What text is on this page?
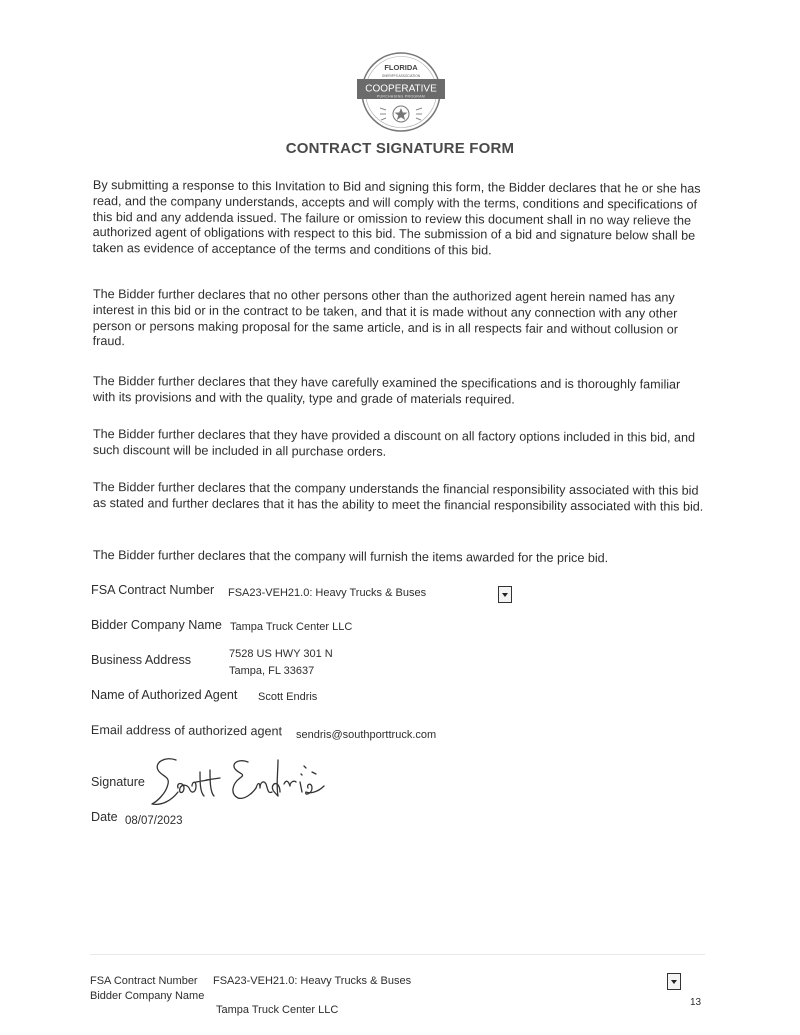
FLORIDA
SHERIFFS ASSOCIATION
COOPERATIVE
PURCHASING PROGRAM
CONTRACT SIGNATURE FORM
By submitting a response to this Invitation to Bid and signing this form, the Bidder declares that he or she has read, and the company understands, accepts and will comply with the terms, conditions and specifications of this bid and any addenda issued. The failure or omission to review this document shall in no way relieve the authorized agent of obligations with respect to this bid. The submission of a bid and signature below shall be taken as evidence of acceptance of the terms and conditions of this bid.
The Bidder further declares that no other persons other than the authorized agent herein named has any interest in this bid or in the contract to be taken, and that it is made without any connection with any other person or persons making proposal for the same article, and is in all respects fair and without collusion or fraud.
The Bidder further declares that they have carefully examined the specifications and is thoroughly familiar with its provisions and with the quality, type and grade of materials required.
The Bidder further declares that they have provided a discount on all factory options included in this bid, and such discount will be included in all purchase orders.
The Bidder further declares that the company understands the financial responsibility associated with this bid as stated and further declares that it has the ability to meet the financial responsibility associated with this bid.
The Bidder further declares that the company will furnish the items awarded for the price bid.
FSA Contract Number FSA23-VEH21.0: Heavy Trucks & Buses
Bidder Company Name Tampa Truck Center LLC
Business Address	7528 US HWY 301 N
Tampa, FL 33637
Name of Authorized Agent Scott Endris
Email address of authorized agent sendris@southporttruck.com
Signature
Date 08/07/2023
FSA Contract Number FSA23-VEH21.0: Heavy Trucks & Buses
Bidder Company Name
Tampa Truck Center LLC
13
